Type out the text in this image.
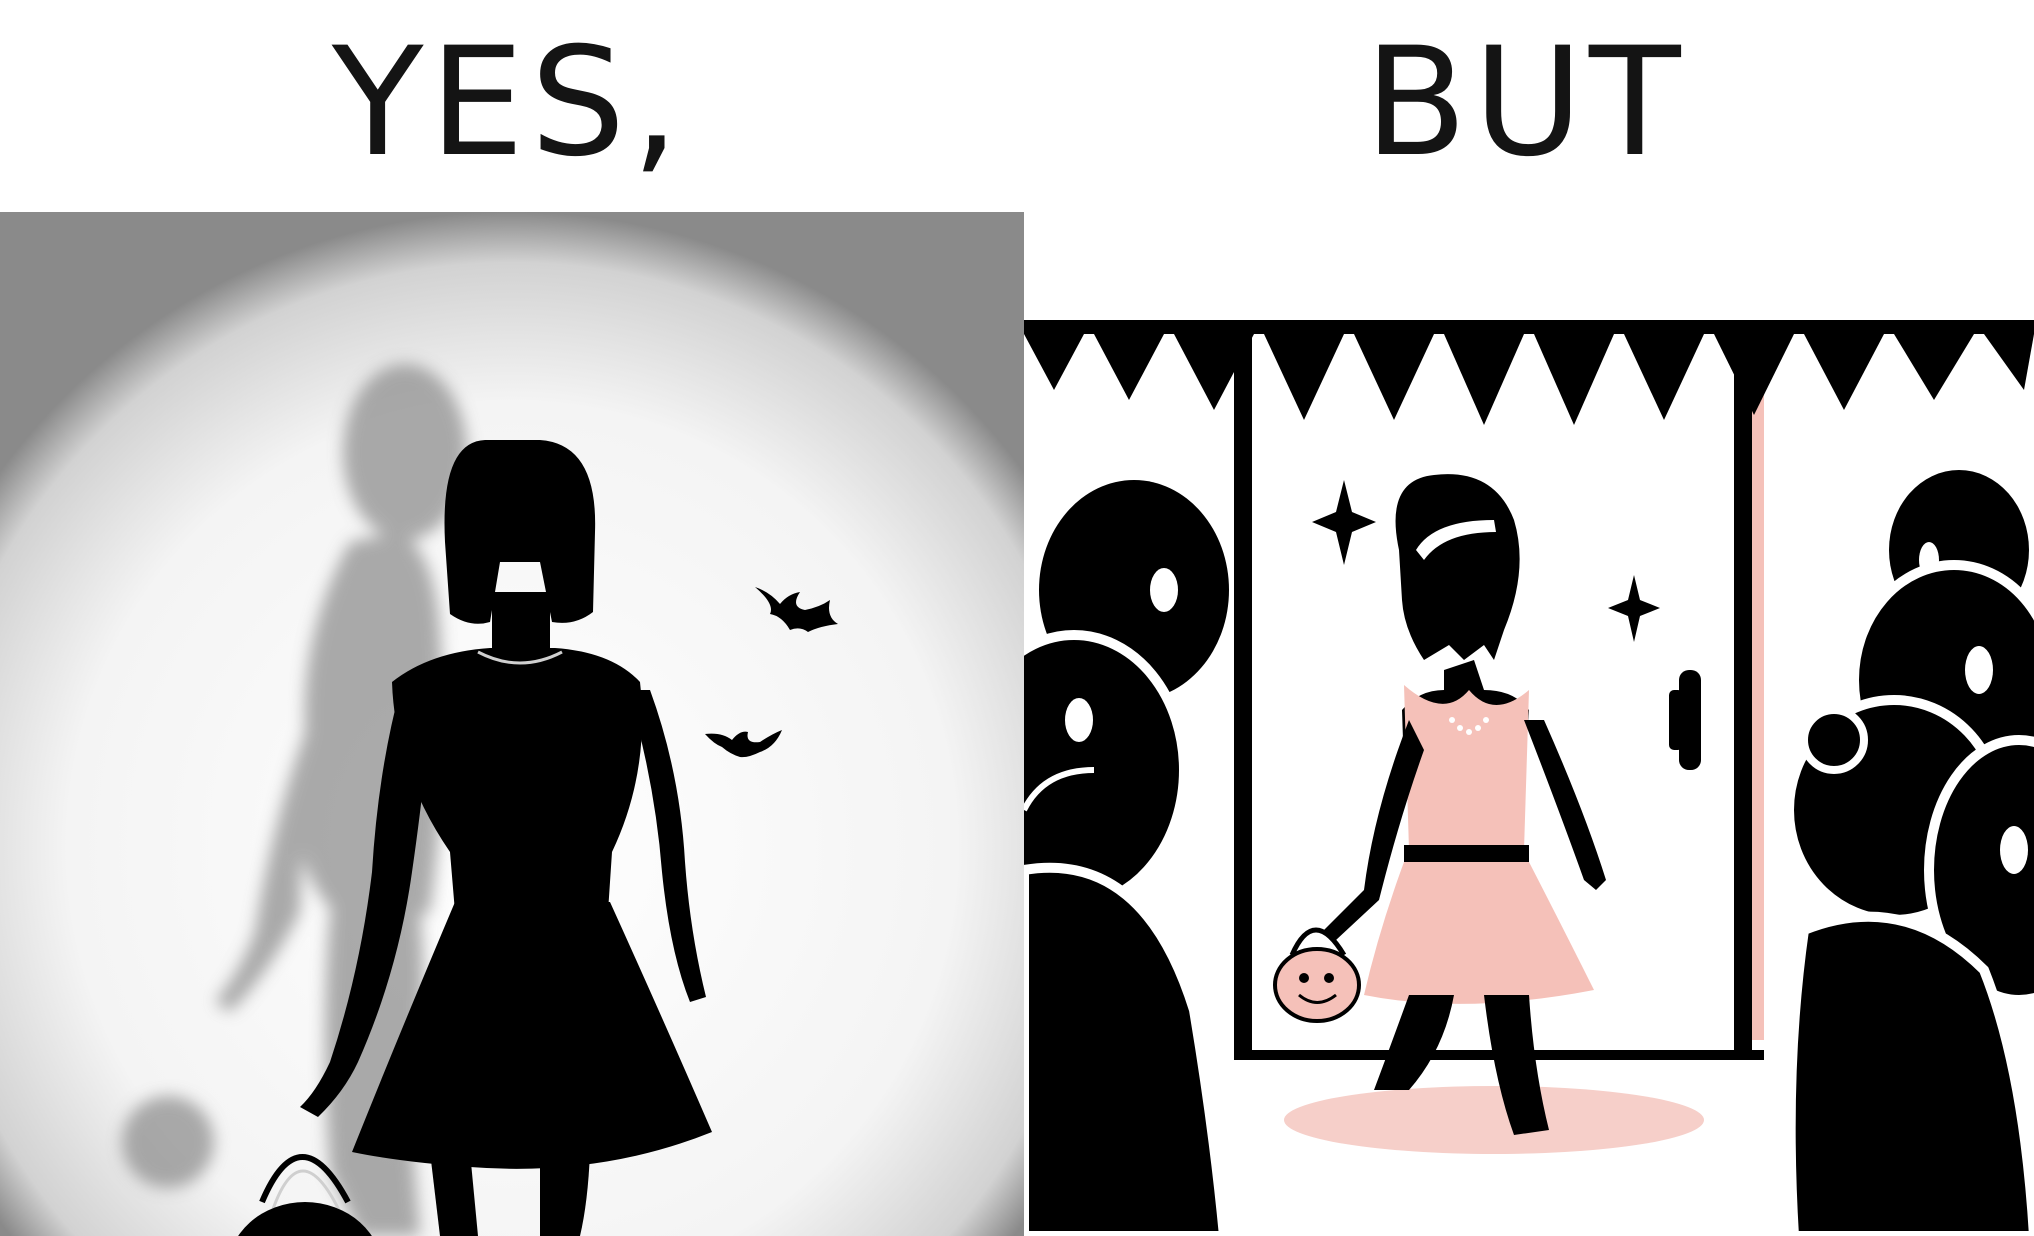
YES,	BUT
